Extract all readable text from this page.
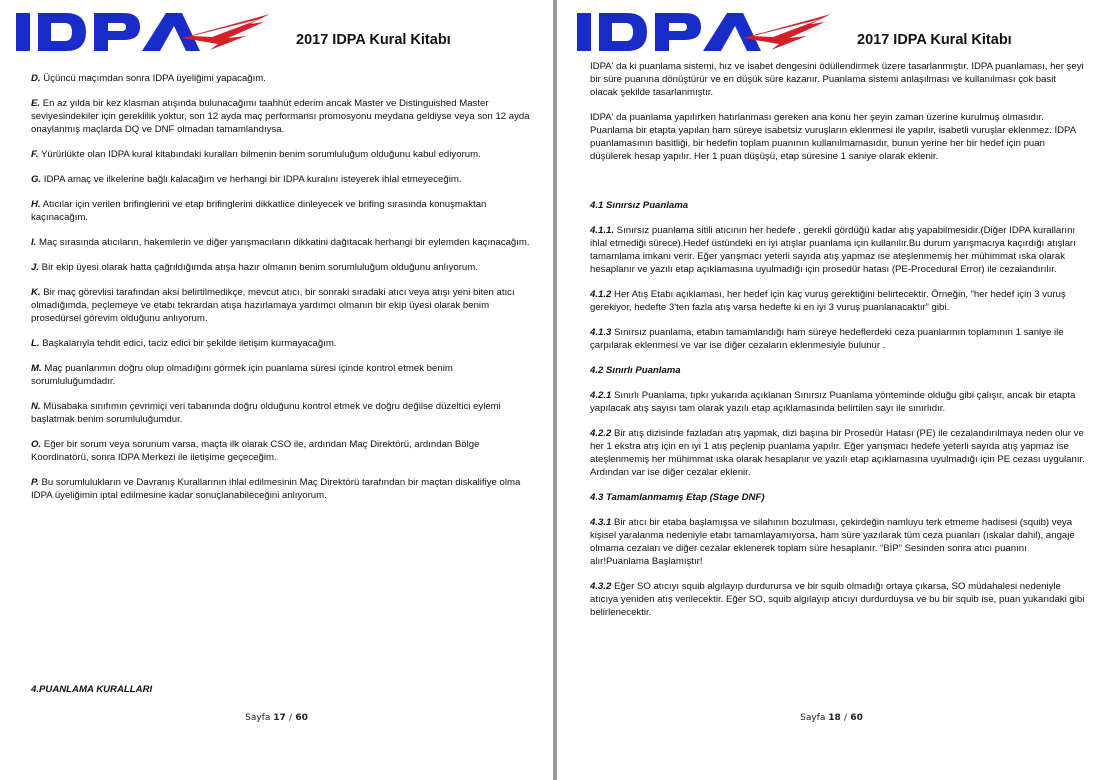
2017 IDPA Kural Kitabı

D. Üçüncü maçımdan sonra IDPA üyeliğimi yapacağım.

E. En az yılda bir kez klasman atışında bulunacağımı taahhüt ederim ancak Master ve Distinguished Master seviyesindekiler için gereklilik yoktur, son 12 ayda maç performansı promosyonu meydana geldiyse veya son 12 ayda onaylanmış maçlarda DQ ve DNF olmadan tamamlandıysa.

F. Yürürlükte olan IDPA kural kitabındaki kuralları bilmenin benim sorumluluğum olduğunu kabul ediyorum.

G. IDPA amaç ve ilkelerine bağlı kalacağım ve herhangi bir IDPA kuralını isteyerek ihlal etmeyeceğim.

H. Atıcılar için verilen brifinglerini ve etap brifinglerini dikkatlice dinleyecek ve brifing sırasında konuşmaktan kaçınacağım.

I. Maç sırasında atıcıların, hakemlerin ve diğer yarışmacıların dikkatini dağıtacak herhangi bir eylemden kaçınacağım.

J. Bir ekip üyesi olarak hatta çağrıldığımda atışa hazır olmanın benim sorumluluğum olduğunu anlıyorum.

K. Bir maç görevlisi tarafından aksi belirtilmedikçe, mevcut atıcı, bir sonraki sıradaki atıcı veya atışı yeni biten atıcı olmadığımda, peçlemeye ve etabı tekrardan atışa hazırlamaya yardımcı olmanın bir ekip üyesi olarak benim prosedürsel görevim olduğunu anlıyorum.

L. Başkalarıyla tehdit edici, taciz edici bir şekilde iletişim kurmayacağım.

M. Maç puanlarımın doğru olup olmadığını görmek için puanlama süresi içinde kontrol etmek benim sorumluluğumdadır.

N. Müsabaka sınıfımın çevrimiçi veri tabanında doğru olduğunu kontrol etmek ve doğru değilse düzeltici eylemi başlatmak benim sorumluluğumdur.

O. Eğer bir sorum veya sorunum varsa, maçta ilk olarak CSO ile, ardından Maç Direktörü, ardından Bölge Koordinatörü, sonra IDPA Merkezi ile iletişime geçeceğim.

P. Bu sorumlulukların ve Davranış Kurallarının ihlal edilmesinin Maç Direktörü tarafından bir maçtan diskalifiye olma IDPA üyeliğimin iptal edilmesine kadar sonuçlanabileceğini anlıyorum.

4.PUANLAMA KURALLARI
Sayfa 17 / 60
2017 IDPA Kural Kitabı

IDPA' da ki puanlama sistemi, hız ve isabet dengesini ödüllendirmek üzere tasarlanmıştır. IDPA puanlaması, her şeyi bir süre puanına dönüştürür ve en düşük süre kazanır. Puanlama sistemi anlaşılması ve kullanılması çok basit olacak şekilde tasarlanmıştır.

IDPA' da puanlama yapılırken hatırlanması gereken ana konu her şeyin zaman üzerine kurulmuş olmasıdır. Puanlama bir etapta yapılan ham süreye isabetsiz vuruşların eklenmesi ile yapılır, isabetli vuruşlar eklenmez. IDPA puanlamasının basitliği, bir hedefin toplam puanının kullanılmamasıdır, bunun yerine her bir hedef için puan düşülerek hesap yapılır. Her 1 puan düşüşü, etap süresine 1 saniye olarak eklenir.

4.1 Sınırsız Puanlama

4.1.1. Sınırsız puanlama sitili atıcının her hedefe , gerekli gördüğü kadar atış yapabilmesidir.(Diğer IDPA kurallarını ihlal etmediği sürece).Hedef üstündeki en iyi atışlar puanlama için kullanılır.Bu durum yarışmacıya kaçırdığı atışları tamamlama imkanı verir. Eğer yarışmacı yeterli sayıda atış yapmaz ise ateşlenmemiş her mühimmat ıska olarak hesaplanır ve yazılı etap açıklamasına uyulmadığı için prosedür hatası (PE-Procedural Error) ile cezalandırılır.

4.1.2 Her Atış Etabı açıklaması, her hedef için kaç vuruş gerektiğini belirtecektir. Örneğin, “her hedef için 3 vuruş gerekiyor, hedefte 3'ten fazla atış varsa hedefte ki en iyi 3 vuruş puanlanacaktır” gibi.

4.1.3 Sınırsız puanlama, etabın tamamlandığı ham süreye hedeflerdeki ceza puanlarının toplamının 1 saniye ile çarpılarak eklenmesi ve var ise diğer cezaların eklenmesiyle bulunur .

4.2 Sınırlı Puanlama

4.2.1 Sınırlı Puanlama, tıpkı yukarıda açıklanan Sınırsız Puanlama yönteminde olduğu gibi çalışır, ancak bir etapta yapılacak atış sayısı tam olarak yazılı etap açıklamasında belirtilen sayı ile sınırlıdır.

4.2.2 Bir atış dizisinde fazladan atış yapmak, dizi başına bir Prosedür Hatası (PE) ile cezalandırılmaya neden olur ve her 1 ekstra atış için en iyi 1 atış peçlenip puanlama yapılır. Eğer yarışmacı hedefe yeterli sayıda atış yapmaz ise ateşlenmemiş her mühimmat ıska olarak hesaplanır ve yazılı etap açıklamasına uyulmadığı için PE cezası uygulanır. Ardından var ise diğer cezalar eklenir.

4.3 Tamamlanmamış Etap (Stage DNF)

4.3.1 Bir atıcı bir etaba başlamışsa ve silahının bozulması, çekirdeğin namluyu terk etmeme hadisesi (squib) veya kişisel yaralanma nedeniyle etabı tamamlayamıyorsa, ham süre yazılarak tüm ceza puanları (ıskalar dahil), angaje olmama cezaları ve diğer cezalar eklenerek toplam süre hesaplanır. “BİP” Sesinden sonra atıcı puanını alır!Puanlama Başlamıştır!

4.3.2 Eğer SO atıcıyı squib algılayıp durdurursa ve bir squib olmadığı ortaya çıkarsa, SO müdahalesi nedeniyle atıcıya yeniden atış verilecektir. Eğer SO, squib algılayıp atıcıyı durdurduysa ve bu bir squib ise, puan yukarıdaki gibi belirlenecektir.

Sayfa 18 / 60
